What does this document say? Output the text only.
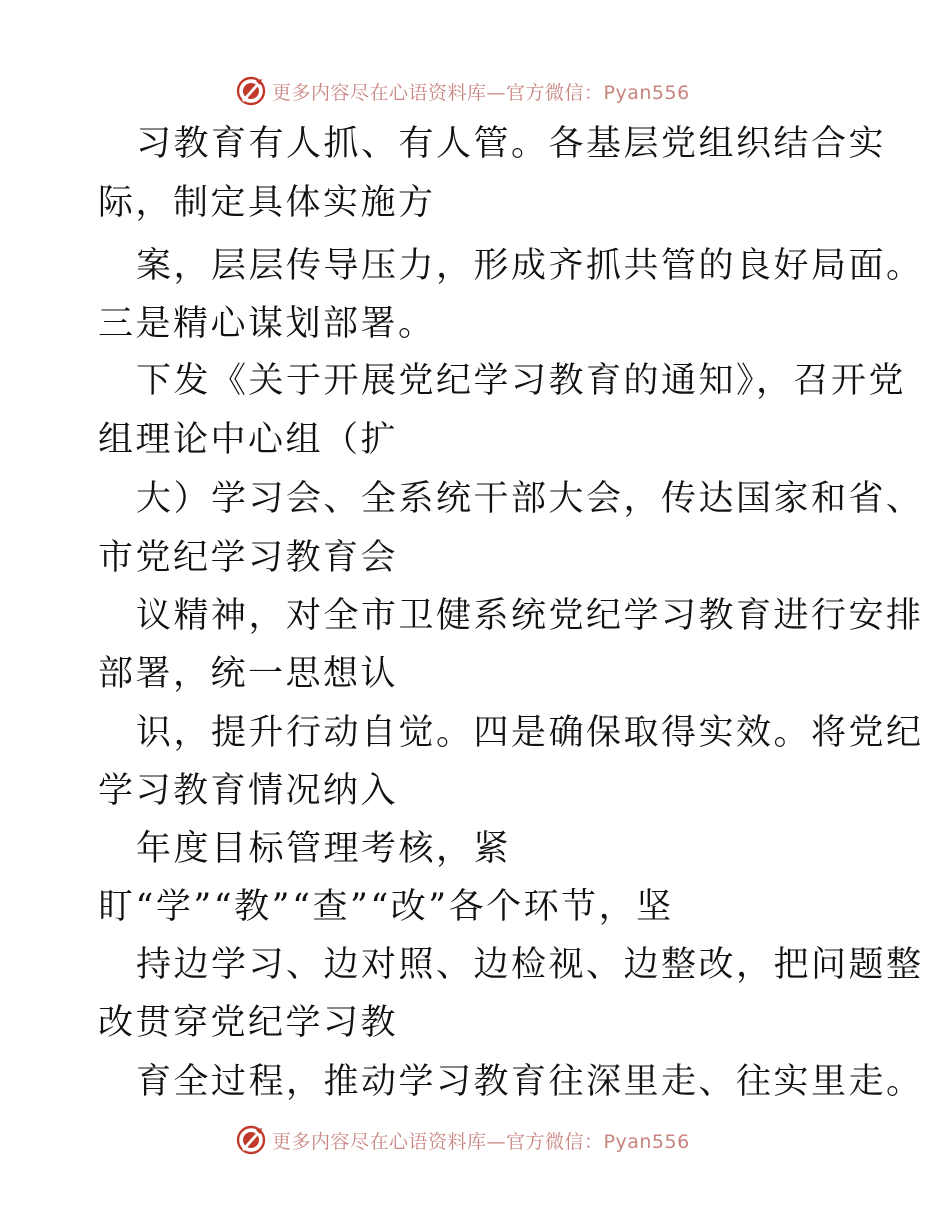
更多内容尽在心语资料库—官方微信：Pyan556
习教育有人抓、有人管。各基层党组织结合实
际，制定具体实施方
案，层层传导压力，形成齐抓共管的良好局面。
三是精心谋划部署。
下发《关于开展党纪学习教育的通知》，召开党
组理论中心组（扩
大）学习会、全系统干部大会，传达国家和省、
市党纪学习教育会
议精神，对全市卫健系统党纪学习教育进行安排
部署，统一思想认
识，提升行动自觉。四是确保取得实效。将党纪
学习教育情况纳入
年度目标管理考核，紧
盯“学”“教”“查”“改”各个环节，坚
持边学习、边对照、边检视、边整改，把问题整
改贯穿党纪学习教
育全过程，推动学习教育往深里走、往实里走。
更多内容尽在心语资料库—官方微信：Pyan556
